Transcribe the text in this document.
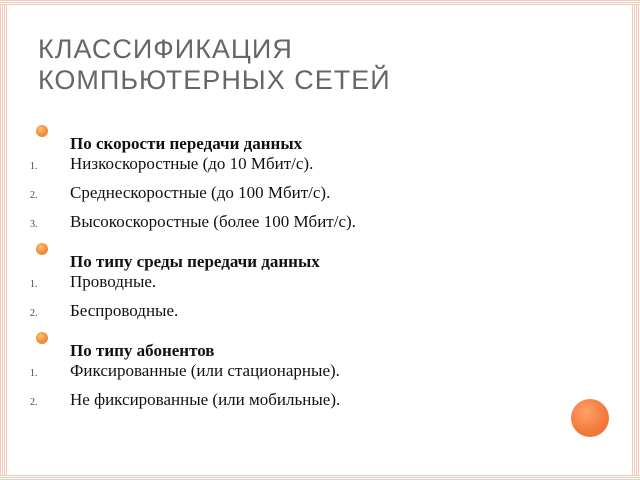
КЛАССИФИКАЦИЯ
КОМПЬЮТЕРНЫХ СЕТЕЙ
По скорости передачи данных
1.	Низкоскоростные (до 10 Мбит/с).
2.	Среднескоростные (до 100 Мбит/с).
3.	Высокоскоростные (более 100 Мбит/с).
По типу среды передачи данных
1.	Проводные.
2.	Беспроводные.
По типу абонентов
1.	Фиксированные (или стационарные).
2.	Не фиксированные (или мобильные).
